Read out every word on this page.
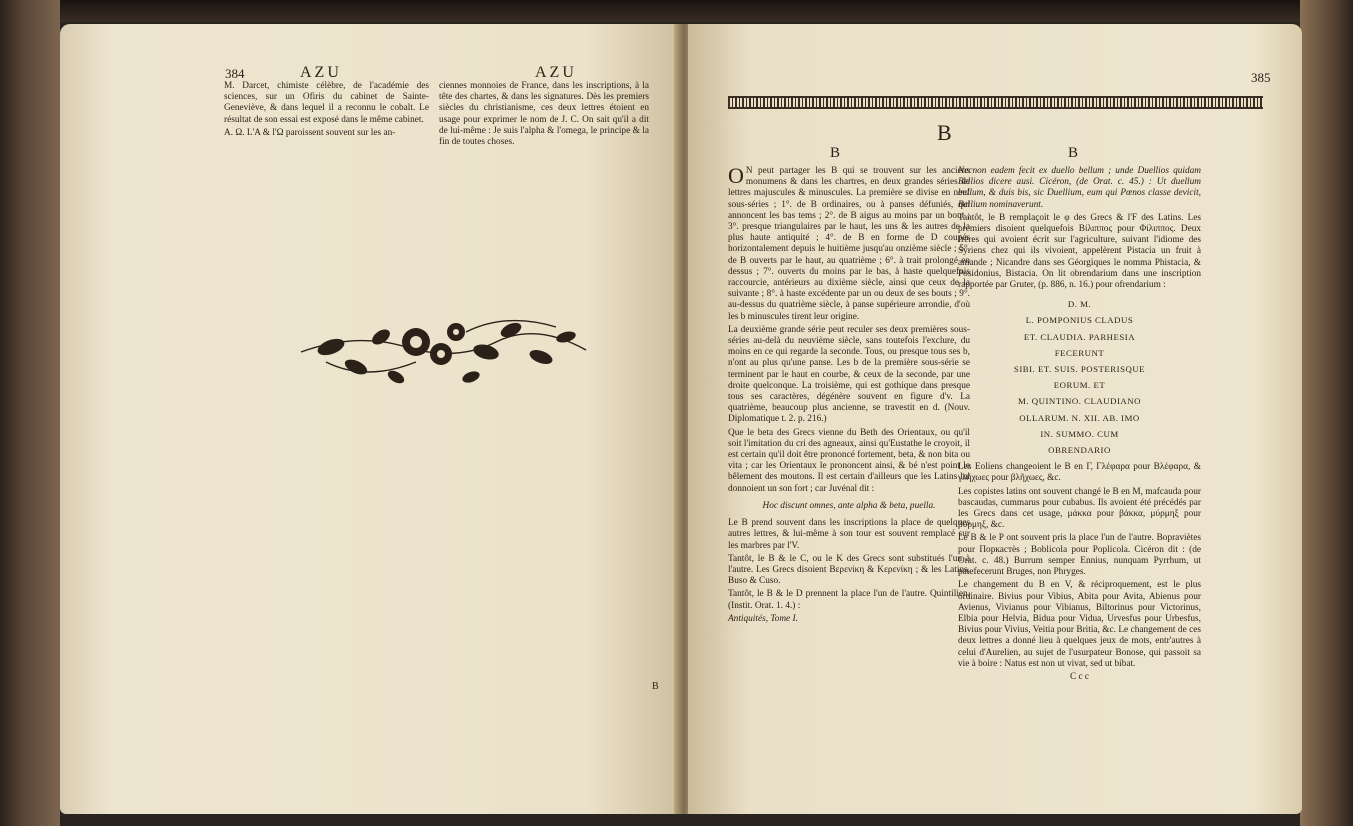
384	AZU	AZU

M. Darcet, chimiste célèbre, de l'académie des sciences, sur un Ofiris du cabinet de Sainte-Geneviève, & dans lequel il a reconnu le cobalt. Le résultat de son essai est exposé dans le même cabinet.

A. Ω. L'A & l'Ω paroissent souvent sur les an-

ciennes monnoies de France, dans les inscriptions, à la tête des chartes, & dans les signatures. Dès les premiers siècles du christianisme, ces deux lettres étoient en usage pour exprimer le nom de J. C. On sait qu'il a dit de lui-même : Je suis l'alpha & l'omega, le principe & la fin de toutes choses.

B
385
B
B	B

O N peut partager les B qui se trouvent sur les anciens monumens & dans les chartres, en deux grandes séries de lettres majuscules & minuscules. La première se divise en neuf sous-séries ; 1°. de B ordinaires, ou à panses défuniés, qui annoncent les bas tems ; 2°. de B aigus au moins par un bout ; 3°. presque triangulaires par le haut, les uns & les autres de la plus haute antiquité ; 4°. de B en forme de D coupés horizontalement depuis le huitième jusqu'au onzième siècle ; 5°. de B ouverts par le haut, au quatrième ; 6°. à trait prolongé en dessus ; 7°. ouverts du moins par le bas, à haste quelquefois raccourcie, antérieurs au dixième siècle, ainsi que ceux de la suivante ; 8°. à haste excédente par un ou deux de ses bouts ; 9°. au-dessus du quatrième siècle, à panse supérieure arrondie, d'où les b minuscules tirent leur origine.

La deuxième grande série peut reculer ses deux premières sous-séries au-delà du neuvième siècle, sans toutefois l'exclure, du moins en ce qui regarde la seconde. Tous, ou presque tous ses b, n'ont au plus qu'une panse. Les b de la première sous-série se terminent par le haut en courbe, & ceux de la seconde, par une droite quelconque. La troisième, qui est gothique dans presque tous ses caractères, dégénère souvent en figure d'v. La quatrième, beaucoup plus ancienne, se travestit en d. (Nouv. Diplomatique t. 2. p. 216.)

Que le beta des Grecs vienne du Beth des Orientaux, ou qu'il soit l'imitation du cri des agneaux, ainsi qu'Eustathe le croyoit, il est certain qu'il doit être prononcé fortement, beta, & non bita ou vita ; car les Orientaux le prononcent ainsi, & bé n'est point le bêlement des moutons. Il est certain d'ailleurs que les Latins lui donnoient un son fort ; car Juvénal dit :

Hoc discunt omnes, ante alpha & beta, puella.

Le B prend souvent dans les inscriptions la place de quelques autres lettres, & lui-même à son tour est souvent remplacé sur les marbres par l'V.

Tantôt, le B & le C, ou le K des Grecs sont substitués l'un à l'autre. Les Grecs disoient Βερενίκη & Κερενίκη ; & les Latins, Buso & Cuso.

Tantôt, le B & le D prennent la place l'un de l'autre. Quintilien, (Instit. Orat. 1. 4.) :

Antiquités, Tome I.

Necnon eadem fecit ex duello bellum ; unde Duellios quidam Bellios dicere ausi. Cicéron, (de Orat. c. 45.) : Ut duellum bellum, & duis bis, sic Duellium, eum qui Pœnos classe devicit, Bellium nominaverunt.

Tantôt, le B remplaçoit le φ des Grecs & l'F des Latins. Les premiers disoient quelquefois Βίλιππος pour Φίλιππος. Deux frères qui avoient écrit sur l'agriculture, suivant l'idiome des Syriens chez qui ils vivoient, appelèrent Pistacia un fruit à amande ; Nicandre dans ses Géorgiques le nomma Phistacia, & Posidonius, Bistacia. On lit obrendarium dans une inscription rapportée par Gruter, (p. 886, n. 16.) pour ofrendarium :

D. M.

L. POMPONIUS CLADUS

ET. CLAUDIA. PARHESIA

FECERUNT

SIBI. ET. SUIS. POSTERISQUE

EORUM. ET

M. QUINTINO. CLAUDIANO

OLLARUM. N. XII. AB. IMO

IN. SUMMO. CUM

OBRENDARIO

Les Eoliens changeoient le B en Γ, Γλέφαρα pour Βλέφαρα, & γλῆχωες pour βλῆχωες, &c.

Les copistes latins ont souvent changé le B en M, mafcauda pour bascaudas, cummarus pour cubabus. Ils avoient été précédés par les Grecs dans cet usage, μάκκα pour βάκκα, μύρμηξ pour βύρμηξ, &c.

Le B & le P ont souvent pris la place l'un de l'autre. Bopraviètes pour Поркастès ; Boblicola pour Poplicola. Cicéron dit : (de Orat. c. 48.) Burrum semper Ennius, nunquam Pyrrhum, ut patefecerunt Bruges, non Phryges.

Le changement du B en V, & réciproquement, est le plus ordinaire. Bivius pour Vibius, Abita pour Avita, Abienus pour Avienus, Vivianus pour Vibianus, Biltorinus pour Victorinus, Elbia pour Helvia, Bidua pour Vidua, Urvesfus pour Urbesfus, Bivius pour Vivius, Veitia pour Britia, &c. Le changement de ces deux lettres a donné lieu à quelques jeux de mots, entr'autres à celui d'Aurelien, au sujet de l'usurpateur Bonose, qui passoit sa vie à boire : Natus est non ut vivat, sed ut bibat.

C c c
